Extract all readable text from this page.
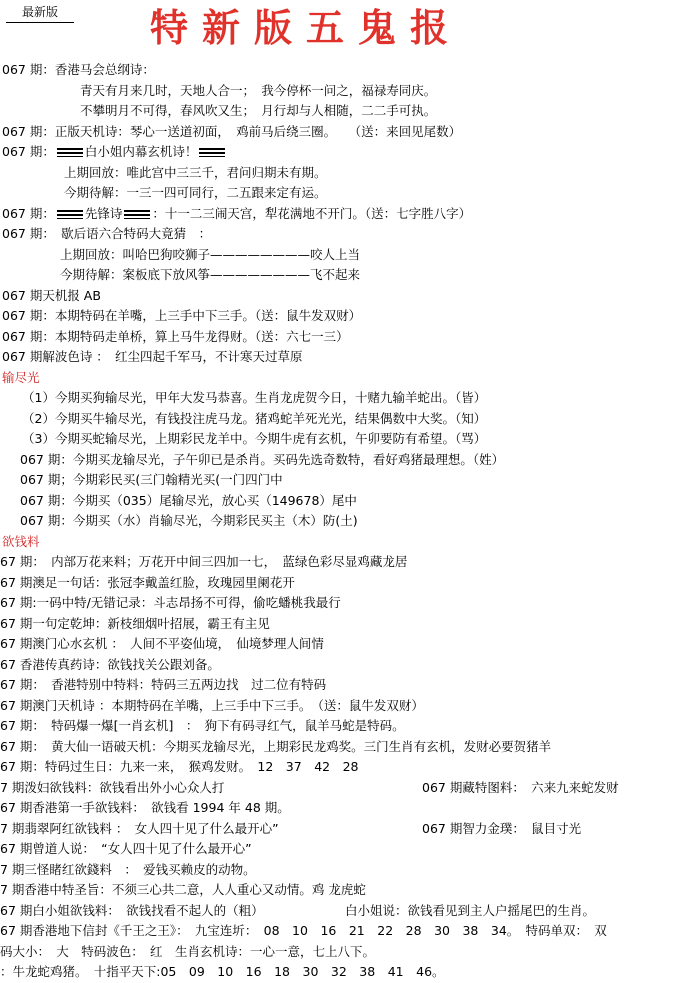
最新版	特新版五鬼报
067 期：香港马会总纲诗：
青天有月来几时，天地人合一；　我今停杯一问之，福禄寿同庆。
不攀明月不可得，春风吹又生；　月行却与人相随，二二手可执。
067 期：正版天机诗：琴心一送道初面，　鸡前马后绕三圈。　　（送：来回见尾数）
067 期： 白小姐内幕玄机诗！
上期回放：唯此宫中三三千，君问归期未有期。
今期待解：一三一四可同行，二五跟来定有运。
067 期： 先锋诗 ：十一二三闹天宫，犁花满地不开门。（送：七字胜八字）
067 期：　歇后语六合特码大竟猜　：
上期回放：叫哈巴狗咬狮子————————咬人上当
今期待解：案板底下放风筝————————飞不起来
067 期天机报 AB
067 期：本期特码在羊嘴，上三手中下三手。（送：鼠牛发双财）
067 期：本期特码走单桥，算上马牛龙得财。（送：六七一三）
067 期解波色诗 ：　红尘四起千军马，不计寒天过草原
输尽光
（1）今期买狗输尽光，甲年大发马恭喜。生肖龙虎贺今日，十赌九输羊蛇出。（皆）
（2）今期买牛输尽光，有钱投注虎马龙。猪鸡蛇羊死光光，结果偶数中大奖。（知）
（3）今期买蛇输尽光，上期彩民龙羊中。今期牛虎有玄机，午卯要防有希望。（骂）
067 期：今期买龙输尽光，子午卯已是杀肖。买码先选奇数特，看好鸡猪最理想。（姓）
067 期；今期彩民买(三门翰精光买(一门四门中
067 期：今期买（035）尾输尽光，放心买（149678）尾中
067 期：今期买（水）肖输尽光，今期彩民买主（木）防(土)
欲钱料
67 期：　内部万花来料；万花开中间三四加一七，　蓝绿色彩尽显鸡藏龙居
67 期澳足一句话：张冠李戴盖红脸，玫瑰园里阑花开
67 期:一码中特/无错记录：斗志昂扬不可得，偷吃蟠桃我最行
67 期一句定乾坤：新枝细烟叶招展，霸王有主见
67 期澳门心水玄机 ：　人间不平姿仙境，　仙境梦理人间情
67 香港传真药诗：欲钱找关公跟刘备。
67 期：　香港特别中特料：特码三五两边找　过二位有特码
67 期澳门天机诗 ：本期特码在羊嘴，上三手中下三手。　（送：鼠牛发双财）
67 期：　特码爆一爆[一肖玄机]　：　狗下有码寻红气，鼠羊马蛇是特码。
67 期：　黄大仙一语破天机：今期买龙输尽光，上期彩民龙鸡奖。三门生肖有玄机，发财必要贺猪羊
67 期：特码过生日：九来一来，　猴鸡发财。　12　37　42　28
7 期泼妇欲钱料：欲钱看出外小心众人打	067 期藏特图料：　六来九来蛇发财
67 期香港第一手欲钱料：　欲钱看 1994 年 48 期。
7 期翡翠阿红欲钱料 ：　女人四十见了什么最开心”	067 期智力金璞：　鼠目寸光
67 期曾道人说：　“女人四十见了什么最开心”
7 期三怪睹红欲錢料　：　爱钱买赖皮的动物。
7 期香港中特圣旨：不须三心共二意，人人重心又动情。鸡 龙虎蛇
67 期白小姐欲钱料：　欲钱找看不起人的（粗）	白小姐说：欲钱看见到主人户摇尾巴的生肖。
67 期香港地下信封《千王之王》：　九宝连圻：　08　10　16　21　22　28　30　38　34。　特码单双：　双
码大小：　大　特码波色：　红　生肖玄机诗：一心一意，七上八下。
：牛龙蛇鸡猪。　十指平天下:05　09　10　16　18　30　32　38　41　46。
